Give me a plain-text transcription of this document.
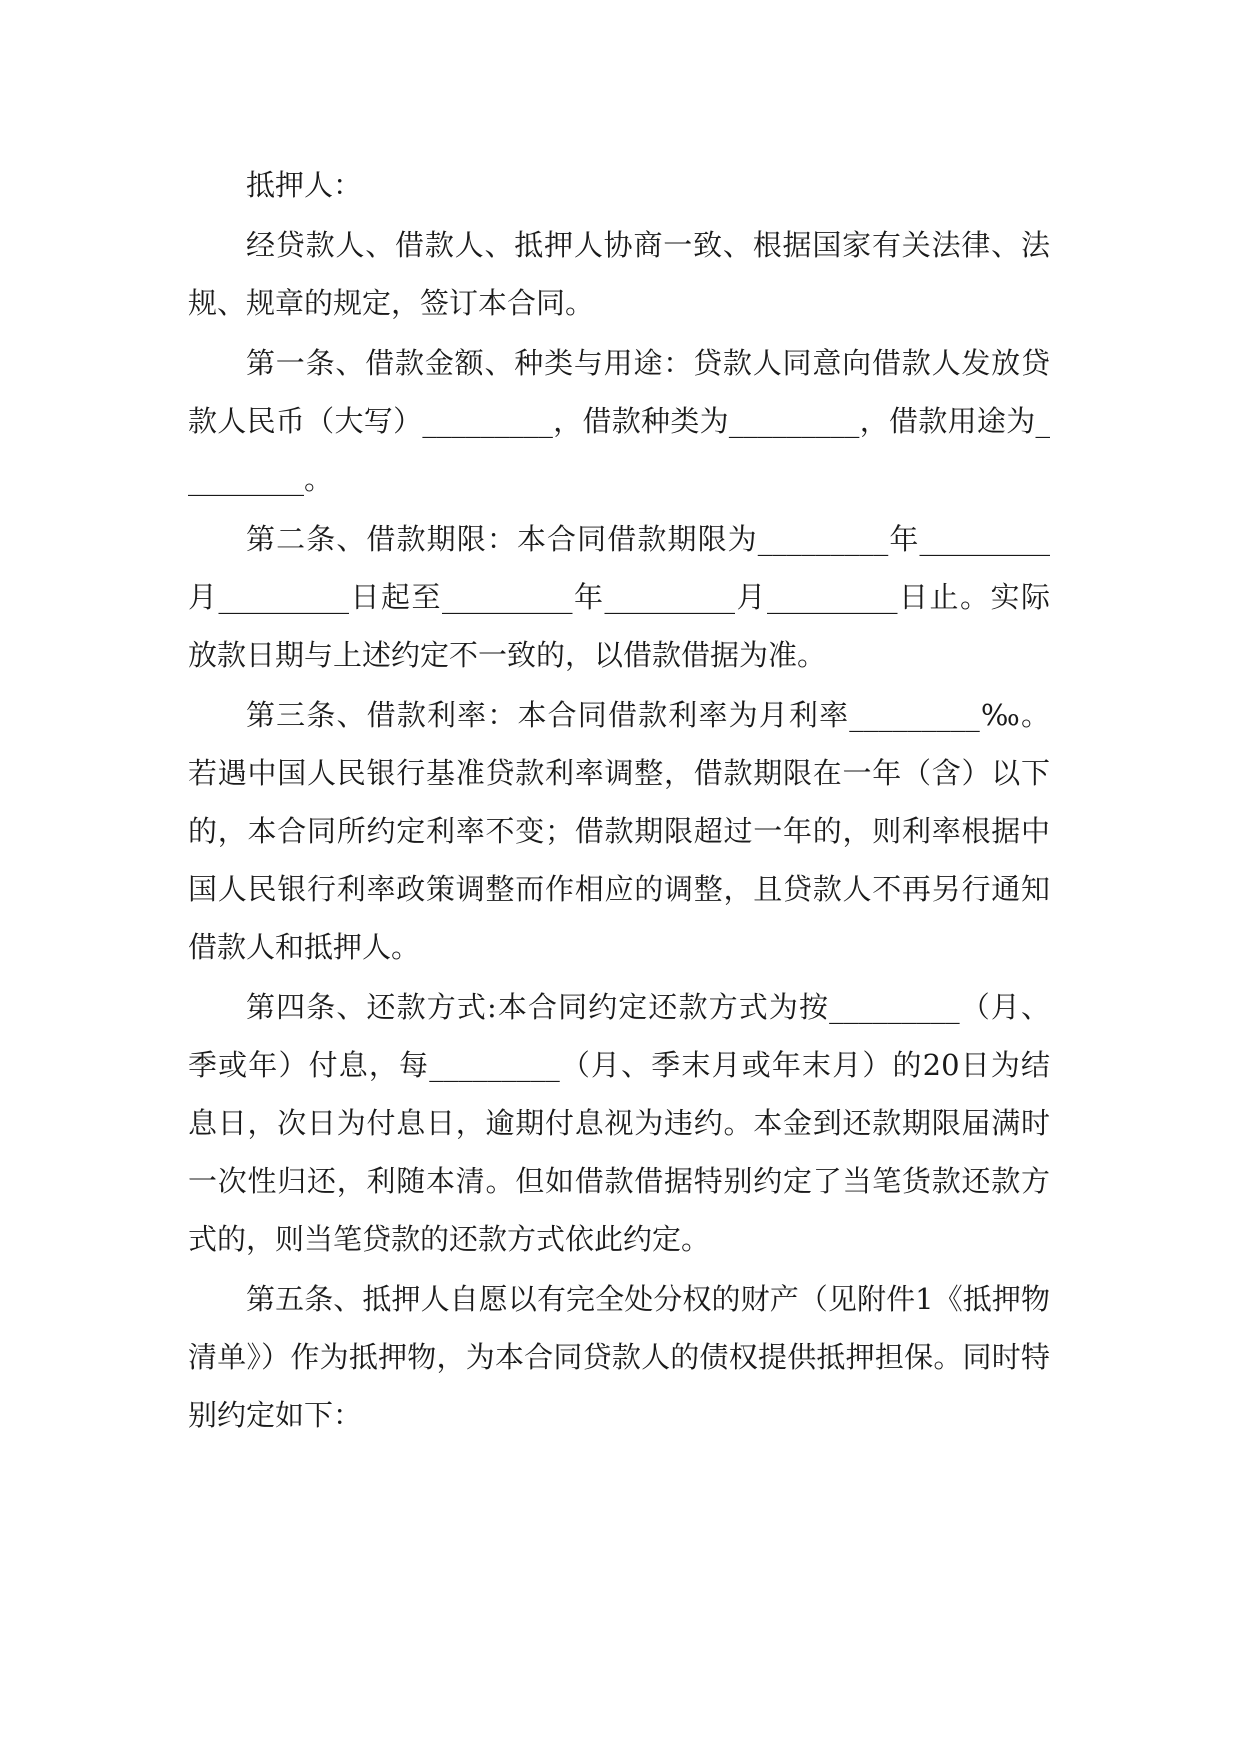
抵押人：

经贷款人、借款人、抵押人协商一致、根据国家有关法律、法规、规章的规定，签订本合同。

第一条、借款金额、种类与用途：贷款人同意向借款人发放贷款人民币（大写）_________，借款种类为_________，借款用途为_________。

第二条、借款期限：本合同借款期限为_________年_________月_________日起至_________年_________月_________日止。实际放款日期与上述约定不一致的，以借款借据为准。

第三条、借款利率：本合同借款利率为月利率_________‰。若遇中国人民银行基准贷款利率调整，借款期限在一年（含）以下的，本合同所约定利率不变；借款期限超过一年的，则利率根据中国人民银行利率政策调整而作相应的调整，且贷款人不再另行通知借款人和抵押人。

第四条、还款方式:本合同约定还款方式为按_________（月、季或年）付息，每_________（月、季末月或年末月）的20日为结息日，次日为付息日，逾期付息视为违约。本金到还款期限届满时一次性归还，利随本清。但如借款借据特别约定了当笔货款还款方式的，则当笔贷款的还款方式依此约定。

第五条、抵押人自愿以有完全处分权的财产（见附件1《抵押物清单》）作为抵押物，为本合同贷款人的债权提供抵押担保。同时特别约定如下：
